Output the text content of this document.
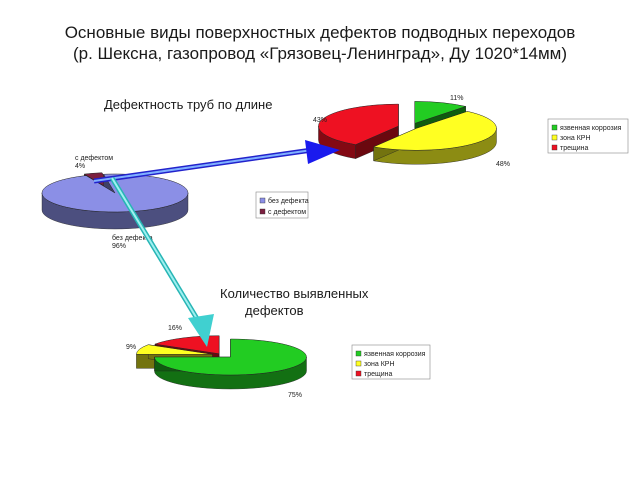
Основные виды поверхностных дефектов подводных переходов
(р. Шексна, газопровод «Грязовец-Ленинград», Ду 1020*14мм)
Дефектность труб по длине
Количество выявленных
дефектов
11%
48%
43%
язвенная коррозия
зона КРН
трещина
75%
9%
16%
язвенная коррозия
зона КРН
трещина
без дефекта 96%
с дефектом 4%
без дефекта
с дефектом
